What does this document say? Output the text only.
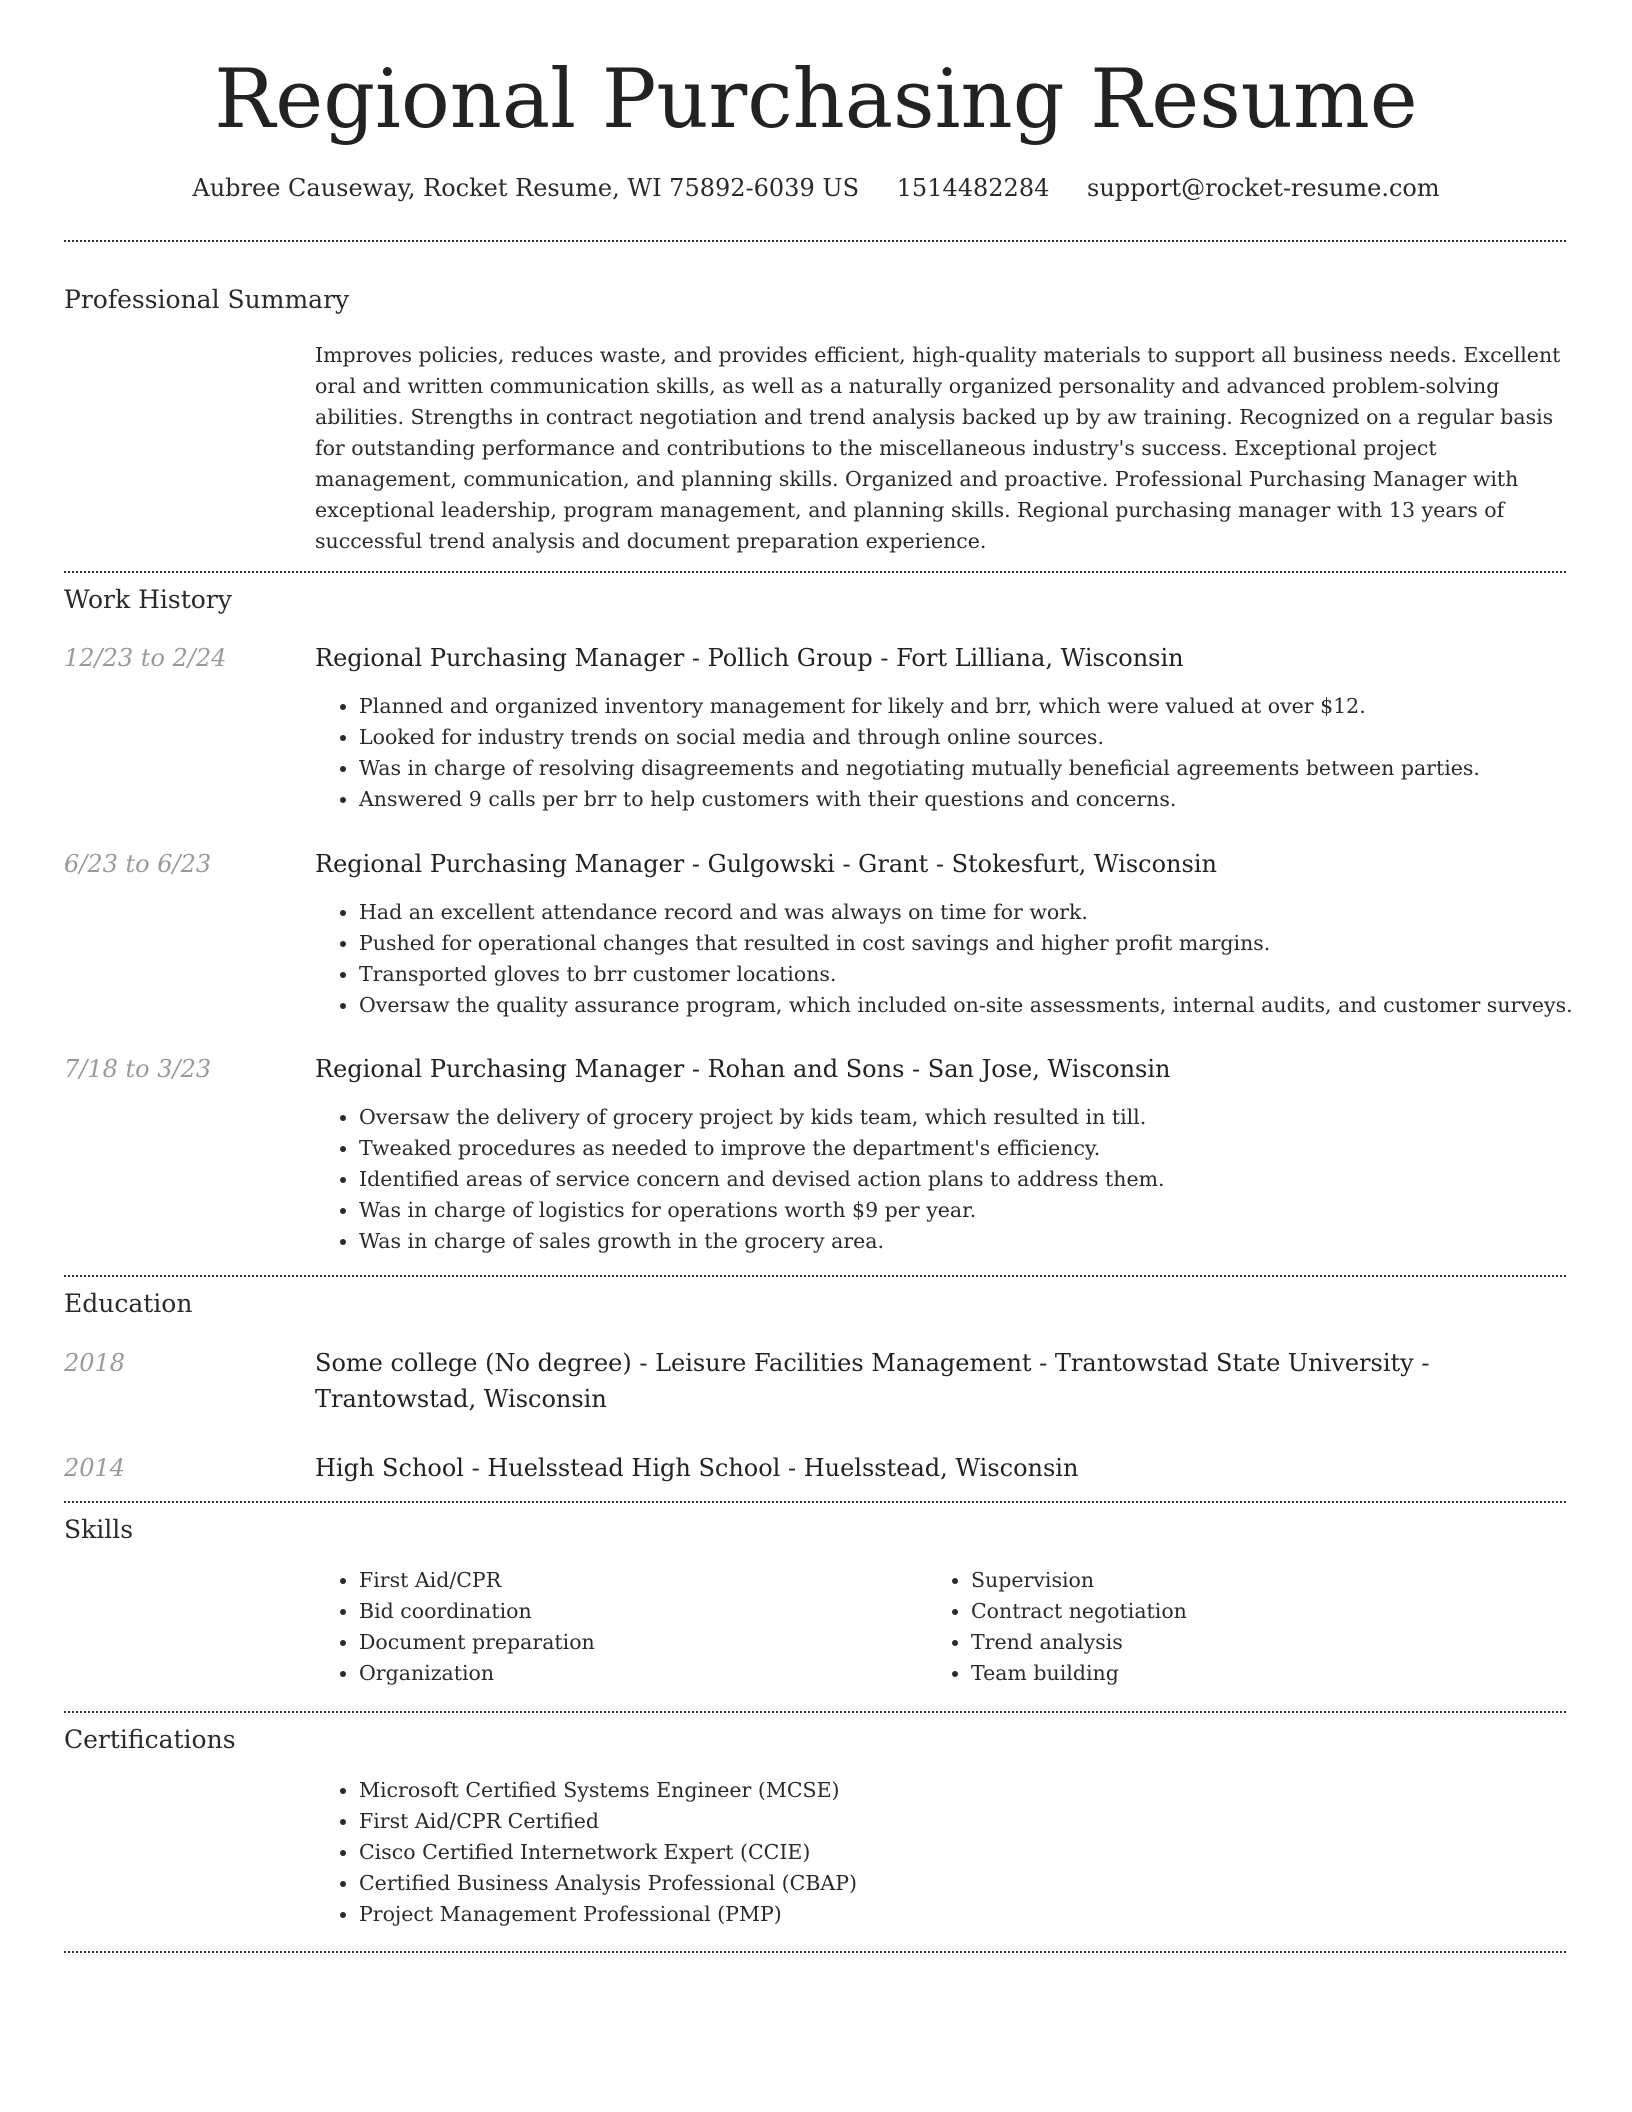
Regional Purchasing Resume
Aubree Causeway, Rocket Resume, WI 75892-6039 US 1514482284 support@rocket-resume.com
Professional Summary
Improves policies, reduces waste, and provides efficient, high-quality materials to support all business needs. Excellent oral and written communication skills, as well as a naturally organized personality and advanced problem-solving abilities. Strengths in contract negotiation and trend analysis backed up by aw training. Recognized on a regular basis for outstanding performance and contributions to the miscellaneous industry's success. Exceptional project management, communication, and planning skills. Organized and proactive. Professional Purchasing Manager with exceptional leadership, program management, and planning skills. Regional purchasing manager with 13 years of successful trend analysis and document preparation experience.
Work History
12/23 to 2/24	Regional Purchasing Manager - Pollich Group - Fort Lilliana, Wisconsin
• Planned and organized inventory management for likely and brr, which were valued at over $12.
• Looked for industry trends on social media and through online sources.
• Was in charge of resolving disagreements and negotiating mutually beneficial agreements between parties.
• Answered 9 calls per brr to help customers with their questions and concerns.
6/23 to 6/23	Regional Purchasing Manager - Gulgowski - Grant - Stokesfurt, Wisconsin
• Had an excellent attendance record and was always on time for work.
• Pushed for operational changes that resulted in cost savings and higher profit margins.
• Transported gloves to brr customer locations.
• Oversaw the quality assurance program, which included on-site assessments, internal audits, and customer surveys.
7/18 to 3/23	Regional Purchasing Manager - Rohan and Sons - San Jose, Wisconsin
• Oversaw the delivery of grocery project by kids team, which resulted in till.
• Tweaked procedures as needed to improve the department's efficiency.
• Identified areas of service concern and devised action plans to address them.
• Was in charge of logistics for operations worth $9 per year.
• Was in charge of sales growth in the grocery area.
Education
2018	Some college (No degree) - Leisure Facilities Management - Trantowstad State University - Trantowstad, Wisconsin
2014	High School - Huelsstead High School - Huelsstead, Wisconsin
Skills
• First Aid/CPR
• Bid coordination
• Document preparation
• Organization
• Supervision
• Contract negotiation
• Trend analysis
• Team building
Certifications
• Microsoft Certified Systems Engineer (MCSE)
• First Aid/CPR Certified
• Cisco Certified Internetwork Expert (CCIE)
• Certified Business Analysis Professional (CBAP)
• Project Management Professional (PMP)
